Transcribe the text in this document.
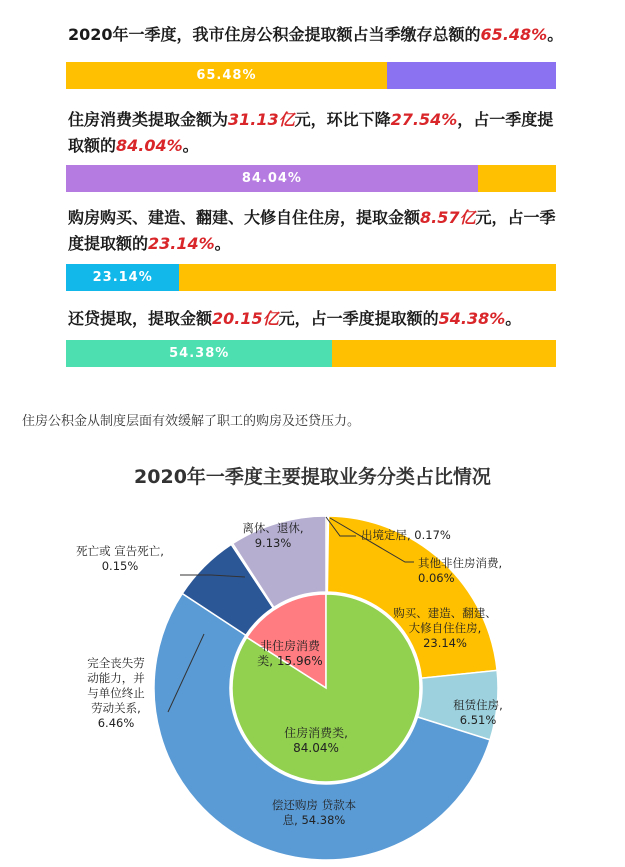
2020年一季度，我市住房公积金提取额占当季缴存总额的65.48%。
65.48%
住房消费类提取金额为31.13亿元，环比下降27.54%，占一季度提取额的84.04%。
84.04%
购房购买、建造、翻建、大修自住住房，提取金额8.57亿元，占一季度提取额的23.14%。
23.14%
还贷提取，提取金额20.15亿元，占一季度提取额的54.38%。
54.38%
住房公积金从制度层面有效缓解了职工的购房及还贷压力。
2020年一季度主要提取业务分类占比情况
住房消费类, 84.04%
非住房消费类, 15.96%
出境定居, 0.17%
其他非住房消费, 0.06%
购买、建造、翻建、大修自住住房, 23.14%
租赁住房, 6.51%
偿还购房 贷款本息, 54.38%
完全丧失劳动能力，并与单位终止劳动关系, 6.46%
死亡或 宣告死亡, 0.15%
离休、退休, 9.13%
